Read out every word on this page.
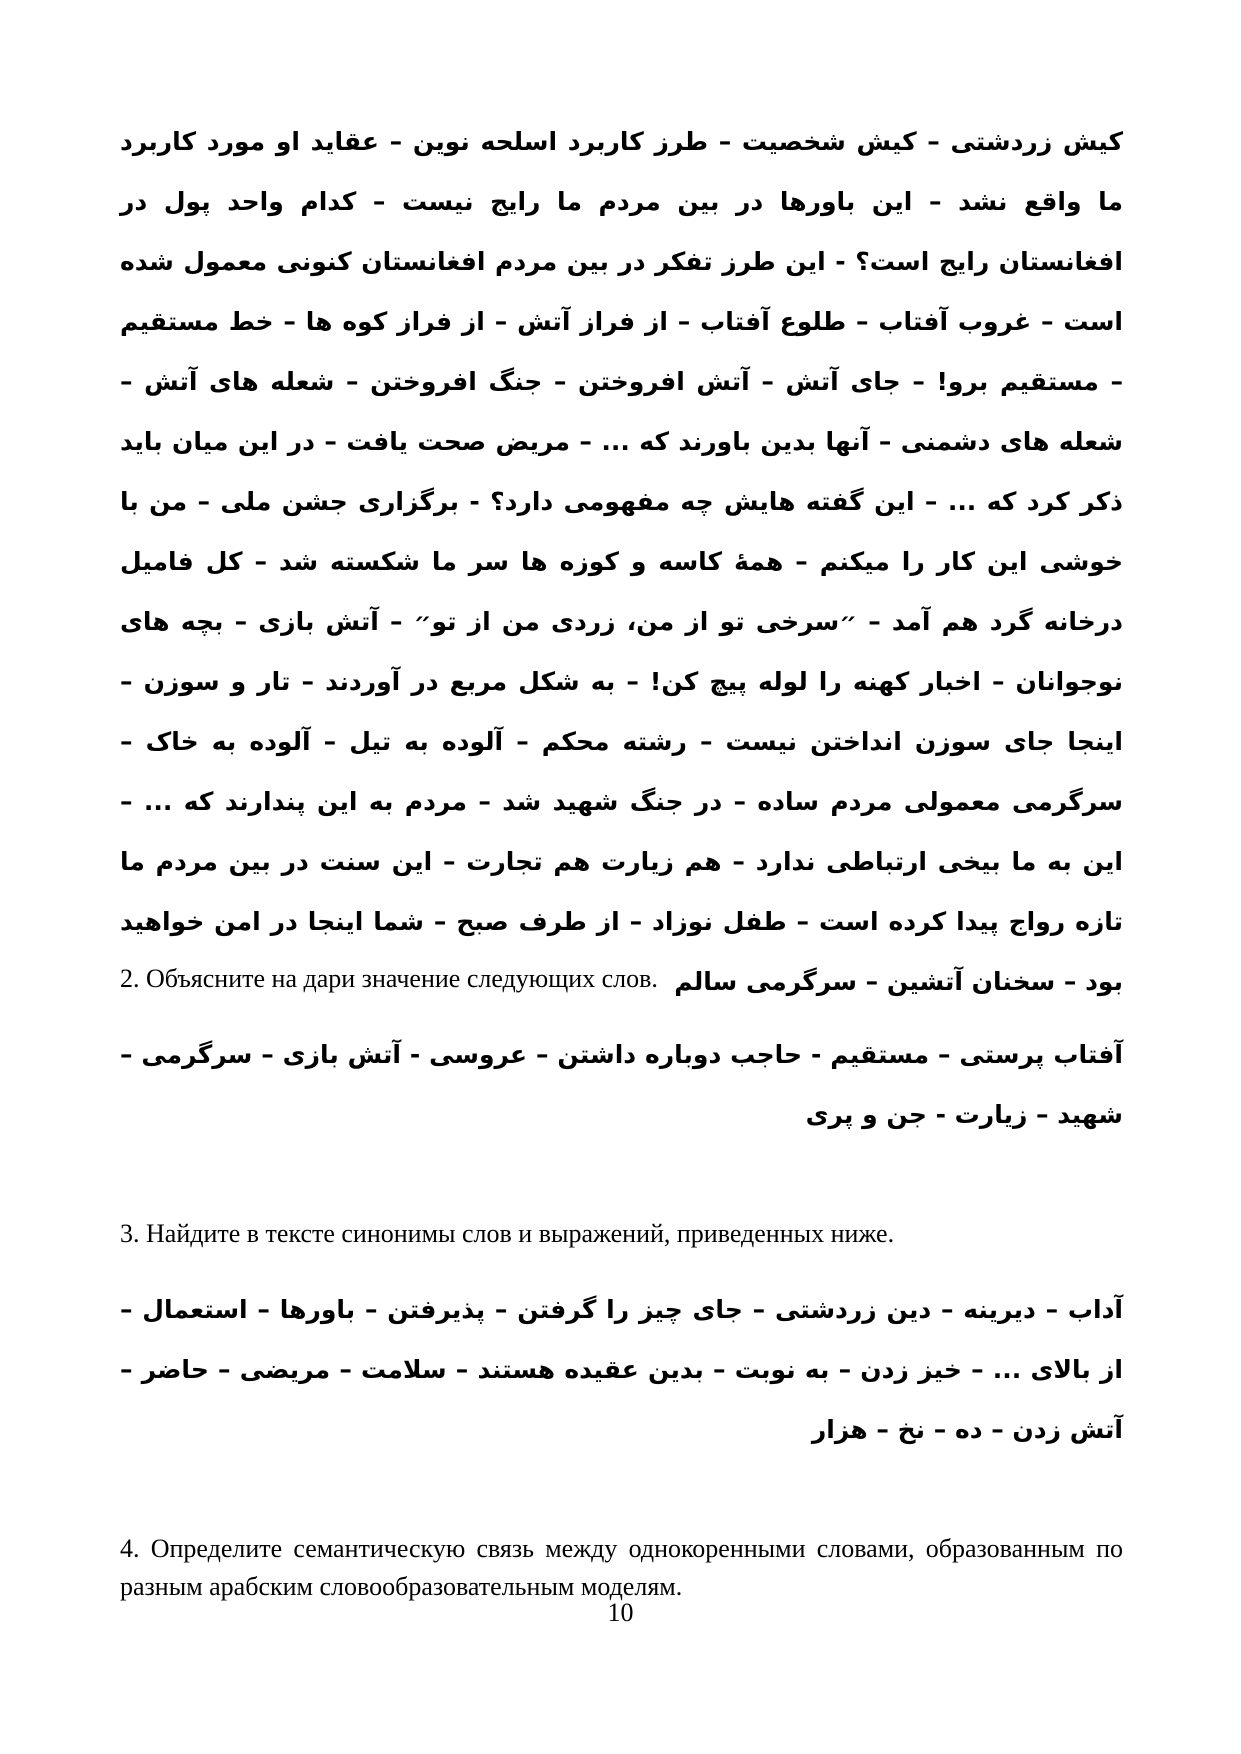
کیش زردشتی – کیش شخصیت – طرز کاربرد اسلحه نوین – عقاید او مورد کاربرد ما واقع نشد – این باورها در بین مردم ما رایج نیست – کدام واحد پول در افغانستان رایج است؟ - این طرز تفکر در بین مردم افغانستان کنونی معمول شده است – غروب آفتاب – طلوع آفتاب – از فراز آتش – از فراز کوه ها – خط مستقیم – مستقیم برو! – جای آتش – آتش افروختن – جنگ افروختن – شعله های آتش – شعله های دشمنی – آنها بدین باورند که ... – مریض صحت یافت – در این میان باید ذکر کرد که ... – این گفته هایش چه مفهومی دارد؟ - برگزاری جشن ملی – من با خوشی این کار را میکنم – همهٔ کاسه و کوزه ها سر ما شکسته شد – کل فامیل درخانه گرد هم آمد – ״سرخی تو از من، زردی من از تو״ – آتش بازی – بچه های نوجوانان – اخبار کهنه را لوله پیچ کن! – به شکل مربع در آوردند – تار و سوزن – اینجا جای سوزن انداختن نیست – رشته محکم – آلوده به تیل – آلوده به خاک – سرگرمی معمولی مردم ساده – در جنگ شهید شد – مردم به این پندارند که ... – این به ما بیخی ارتباطی ندارد – هم زیارت هم تجارت – این سنت در بین مردم ما تازه رواج پیدا کرده است – طفل نوزاد – از طرف صبح – شما اینجا در امن خواهید بود – سخنان آتشین – سرگرمی سالم

2. Объясните на дари значение следующих слов.

آفتاب پرستی – مستقیم - حاجب دوباره داشتن – عروسی - آتش بازی – سرگرمی –شهید – زیارت - جن و پری

3. Найдите в тексте синонимы слов и выражений, приведенных ниже.

آداب – دیرینه – دین زردشتی – جای چیز را گرفتن – پذیرفتن – باورها – استعمال – از بالای ... – خیز زدن – به نوبت – بدین عقیده هستند – سلامت – مریضی – حاضر – آتش زدن – ده – نخ – هزار

4. Определите семантическую связь между однокоренными словами, образованным по разным арабским словообразовательным моделям.

10
